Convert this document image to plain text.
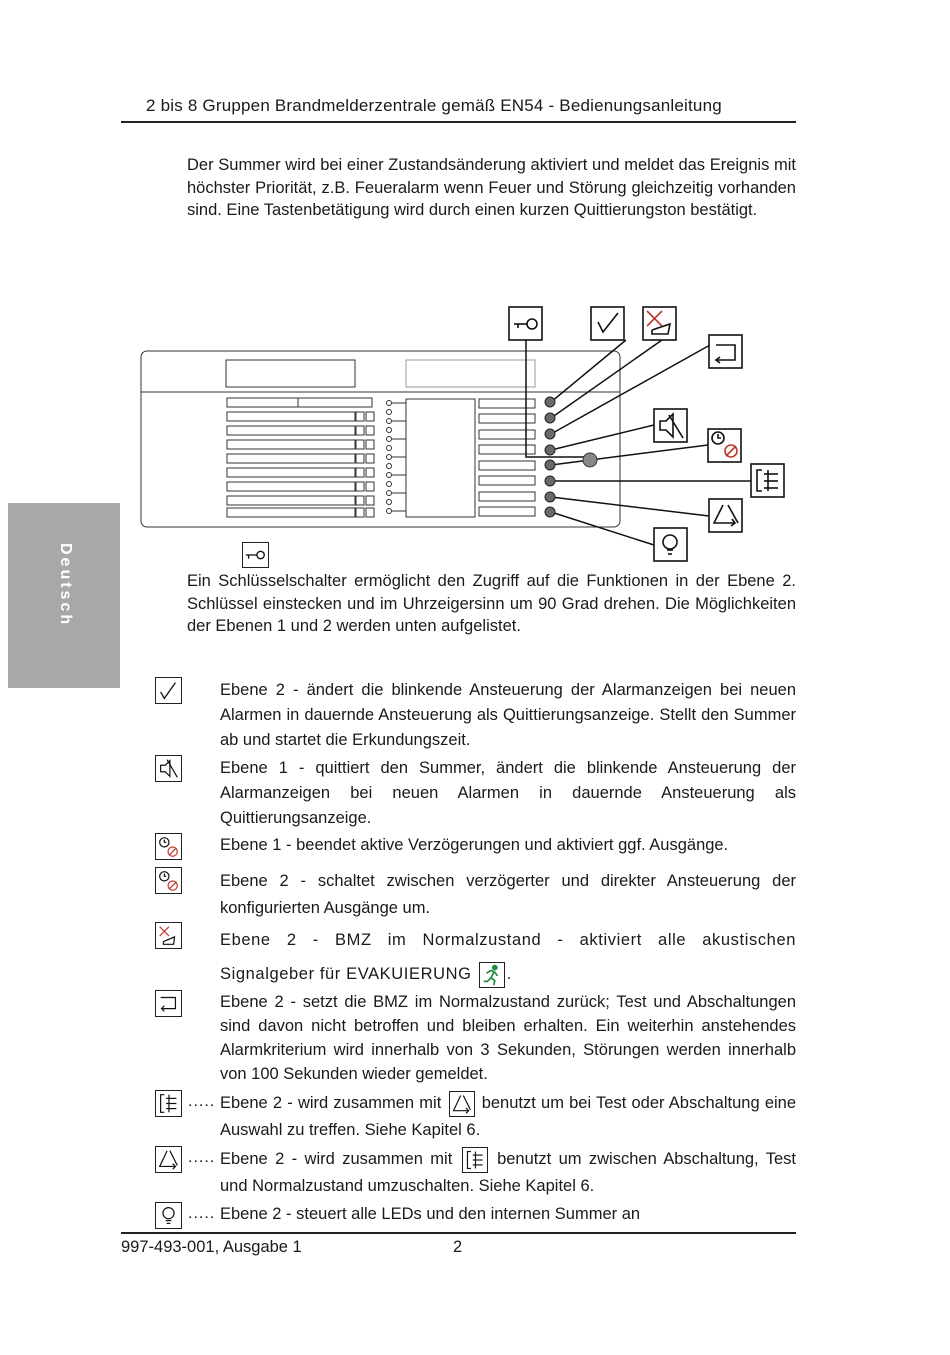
2 bis 8 Gruppen Brandmelderzentrale gemäß EN54 - Bedienungsanleitung
Der Summer wird bei einer Zustandsänderung aktiviert und meldet das Ereignis mit höchster Priorität, z.B. Feueralarm wenn Feuer und Störung gleichzeitig vorhanden sind. Eine Tastenbetätigung wird durch einen kurzen Quittierungston bestätigt.
Deutsch	Ein Schlüsselschalter ermöglicht den Zugriff auf die Funktionen in der Ebene 2. Schlüssel einstecken und im Uhrzeigersinn um 90 Grad drehen. Die Möglichkeiten der Ebenen 1 und 2 werden unten aufgelistet.

Ebene 2 - ändert die blinkende Ansteuerung der Alarmanzeigen bei neuen Alarmen in dauernde Ansteuerung als Quittierungsanzeige. Stellt den Summer ab und startet die Erkundungszeit.

Ebene 1 - quittiert den Summer, ändert die blinkende Ansteuerung der Alarmanzeigen bei neuen Alarmen in dauernde Ansteuerung als Quittierungsanzeige.

Ebene 1 - beendet aktive Verzögerungen und aktiviert ggf. Ausgänge.

Ebene 2 - schaltet zwischen verzögerter und direkter Ansteuerung der konfigurierten Ausgänge um.

Ebene 2 - BMZ im Normalzustand - aktiviert alle akustischen Signalgeber für EVAKUIERUNG .

Ebene 2 - setzt die BMZ im Normalzustand zurück; Test und Abschaltungen sind davon nicht betroffen und bleiben erhalten. Ein weiterhin anstehendes Alarmkriterium wird innerhalb von 3 Sekunden, Störungen werden innerhalb von 100 Sekunden wieder gemeldet.

..... Ebene 2 - wird zusammen mit benutzt um bei Test oder Abschaltung eine Auswahl zu treffen. Siehe Kapitel 6.

..... Ebene 2 - wird zusammen mit	benutzt um zwischen Abschaltung, Test und Normalzustand umzuschalten. Siehe Kapitel 6.

..... Ebene 2 - steuert alle LEDs und den internen Summer an

997-493-001, Ausgabe 1	2
